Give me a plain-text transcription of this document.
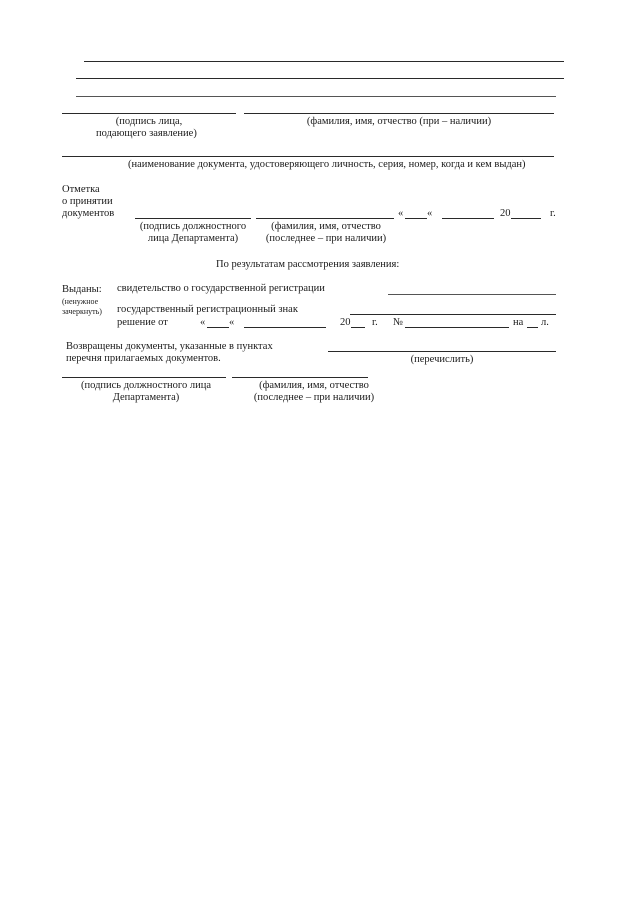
(подпись лица,
подающего заявление)
(фамилия, имя, отчество (при – наличии)
(наименование документа, удостоверяющего личность, серия, номер, когда и кем выдан)
Отметка
о принятии
документов	« «	20	г.
(подпись должностного
лица Департамента)
(фамилия, имя, отчество
(последнее – при наличии)
По результатам рассмотрения заявления:
Выданы:
(ненужное
зачеркнуть)
свидетельство о государственной регистрации
государственный регистрационный знак
решение от	« «	20 г. №	на л.
Возвращены документы, указанные в пунктах
перечня прилагаемых документов.	(перечислить)
(подпись должностного лица
Департамента)
(фамилия, имя, отчество
(последнее – при наличии)
